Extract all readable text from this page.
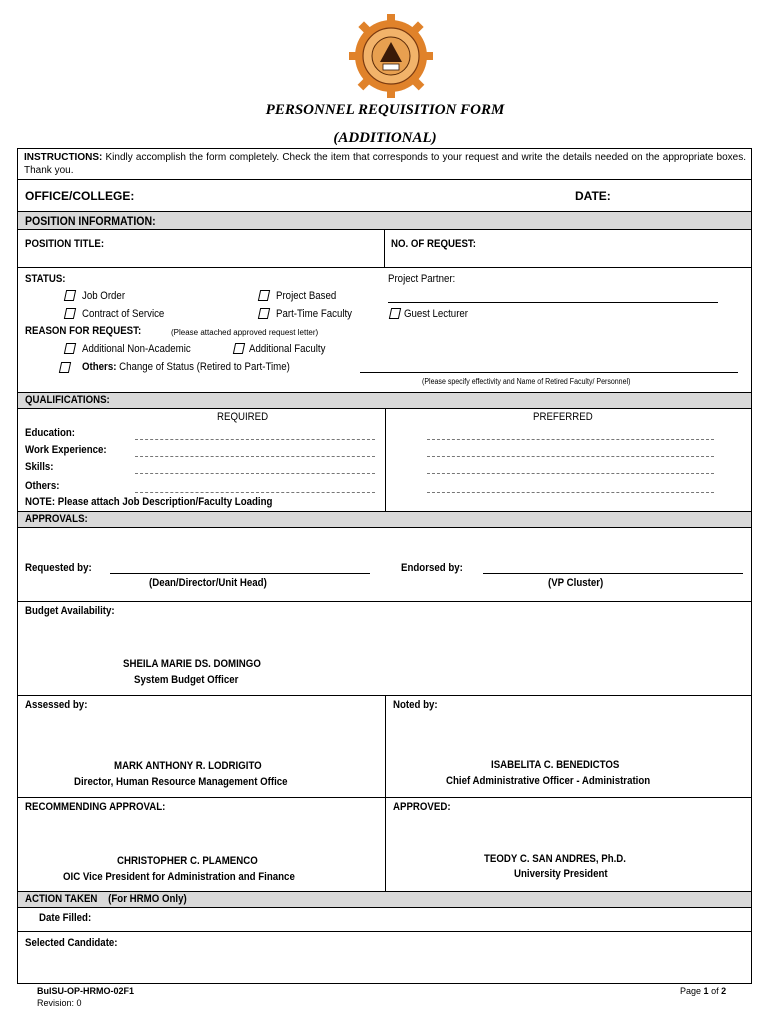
PERSONNEL REQUISITION FORM
(ADDITIONAL)
INSTRUCTIONS: Kindly accomplish the form completely. Check the item that corresponds to your request and write the details needed on the appropriate boxes. Thank you.
OFFICE/COLLEGE:	DATE:
POSITION INFORMATION:
POSITION TITLE:	NO. OF REQUEST:
STATUS:
Job Order	Project Based
Contract of Service	Part-Time Faculty
Project Partner:
Guest Lecturer
REASON FOR REQUEST:	(Please attached approved request letter)
Additional Non-Academic	Additional Faculty
Others: Change of Status (Retired to Part-Time)
(Please specify effectivity and Name of Retired Faculty/ Personnel)
QUALIFICATIONS:
REQUIRED	PREFERRED
Education:
Work Experience:
Skills:
Others:
NOTE: Please attach Job Description/Faculty Loading
APPROVALS:
Requested by:
(Dean/Director/Unit Head)
Endorsed by:
(VP Cluster)
Budget Availability:
SHEILA MARIE DS. DOMINGO
System Budget Officer
Assessed by:
MARK ANTHONY R. LODRIGITO
Director, Human Resource Management Office
Noted by:
ISABELITA C. BENEDICTOS
Chief Administrative Officer - Administration
RECOMMENDING APPROVAL:
CHRISTOPHER C. PLAMENCO
OIC Vice President for Administration and Finance
APPROVED:
TEODY C. SAN ANDRES, Ph.D.
University President
ACTION TAKEN    (For HRMO Only)
Date Filled:
Selected Candidate:
BulSU-OP-HRMO-02F1
Revision: 0
Page 1 of 2
